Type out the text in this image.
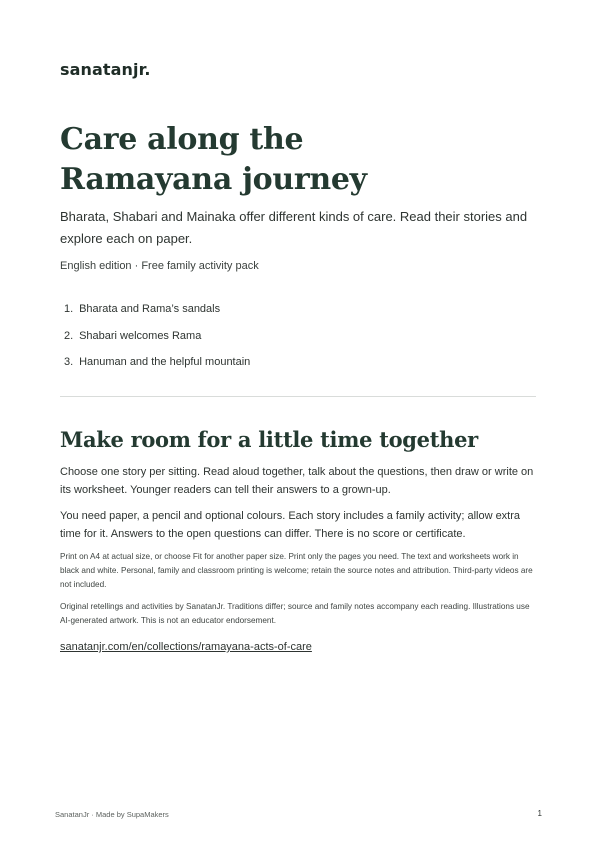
sanatanjr.
Care along the Ramayana journey

Bharata, Shabari and Mainaka offer different kinds of care. Read their stories and explore each on paper.

English edition · Free family activity pack

1. Bharata and Rama’s sandals
2. Shabari welcomes Rama
3. Hanuman and the helpful mountain
Make room for a little time together

Choose one story per sitting. Read aloud together, talk about the questions, then draw or write on its worksheet. Younger readers can tell their answers to a grown-up.

You need paper, a pencil and optional colours. Each story includes a family activity; allow extra time for it. Answers to the open questions can differ. There is no score or certificate.

Print on A4 at actual size, or choose Fit for another paper size. Print only the pages you need. The text and worksheets work in black and white. Personal, family and classroom printing is welcome; retain the source notes and attribution. Third-party videos are not included.

Original retellings and activities by SanatanJr. Traditions differ; source and family notes accompany each reading. Illustrations use AI-generated artwork. This is not an educator endorsement.

sanatanjr.com/en/collections/ramayana-acts-of-care
SanatanJr · Made by SupaMakers	1
